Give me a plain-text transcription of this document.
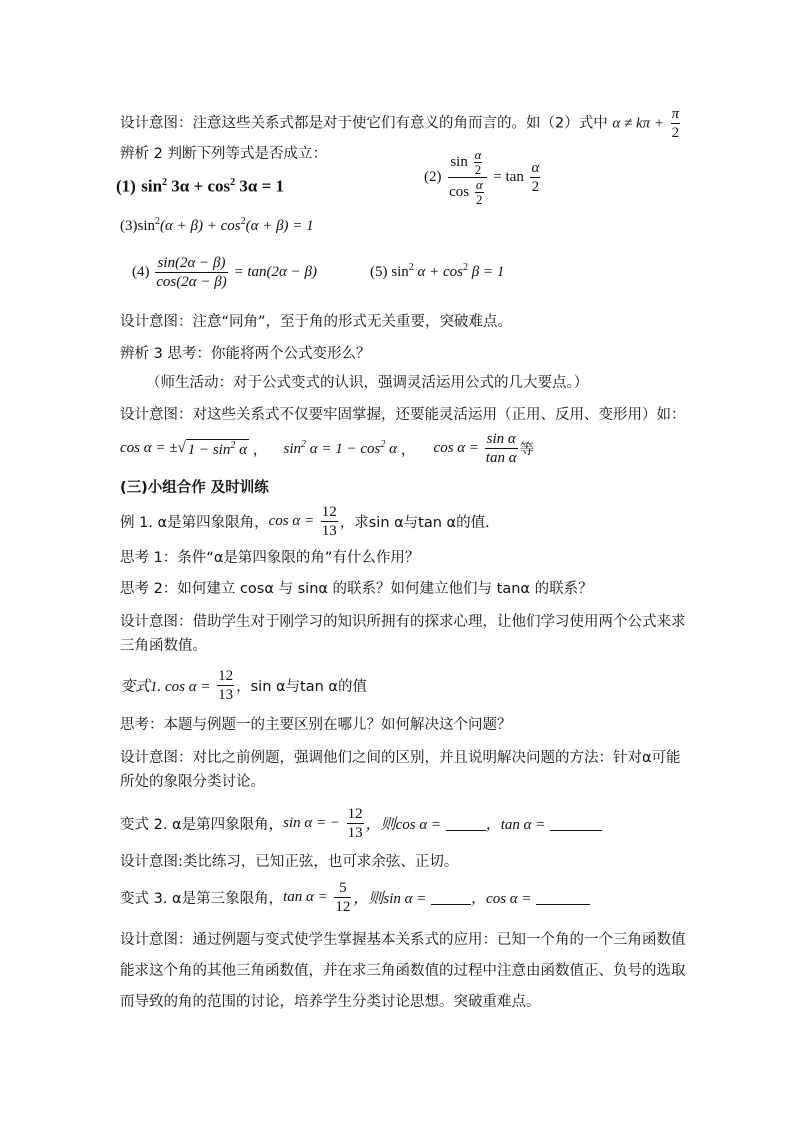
设计意图：注意这些关系式都是对于使它们有意义的角而言的。如（2）式中 $\alpha \ne k\pi + \frac{\pi}{2}$
辨析 2 判断下列等式是否成立：
(1) $\sin^2 3\alpha + \cos^2 3\alpha = 1$	$(2) \frac{\sin \frac{\alpha}{2}}{\cos \frac{\alpha}{2}} = \tan \frac{\alpha}{2}$
$(3)\sin^2(\alpha + \beta) + \cos^2(\alpha + \beta) = 1$
$(4) \frac{\sin(2\alpha - \beta)}{\cos(2\alpha - \beta)} = \tan(2\alpha - \beta)$	(5) $\sin^2 \alpha + \cos^2 \beta = 1$
设计意图：注意“同角”，至于角的形式无关重要，突破难点。
辨析 3 思考：你能将两个公式变形么？
（师生活动：对于公式变式的认识，强调灵活运用公式的几大要点。）
设计意图：对这些关系式不仅要牢固掌握，还要能灵活运用（正用、反用、变形用）如：
cos α = ±√ $1 - \sin^2 \alpha$ ， $\sin^2 \alpha = 1 - \cos^2 \alpha$ ， $\cos \alpha = \frac{\text{sin α}}{\text{tan α}}$ 等
(三)小组合作 及时训练
例 1. α是第四象限角，$\cos \alpha = \frac{12}{13}$ ，求sin α与tan α的值.
思考 1：条件“α是第四象限的角”有什么作用？
思考 2：如何建立 cosα 与 sinα 的联系？如何建立他们与 tanα 的联系？
设计意图：借助学生对于刚学习的知识所拥有的探求心理，让他们学习使用两个公式来求三角函数值。
变式1. $\cos \alpha = \frac{12}{13}$ ，sin α与tan α的值
思考：本题与例题一的主要区别在哪儿？如何解决这个问题？
设计意图：对比之前例题，强调他们之间的区别，并且说明解决问题的方法：针对α可能所处的象限分类讨论。
变式 2. α是第四象限角，sin α = − $\frac{12}{13}$ ，则cos α =	，tan α =
设计意图:类比练习，已知正弦，也可求余弦、正切。
变式 3. α是第三象限角，$\tan \alpha = \frac{5}{12}$ ，则sin α =	，cos α =
设计意图：通过例题与变式使学生掌握基本关系式的应用：已知一个角的一个三角函数值能求这个角的其他三角函数值，并在求三角函数值的过程中注意由函数值正、负号的选取而导致的角的范围的讨论，培养学生分类讨论思想。突破重难点。
